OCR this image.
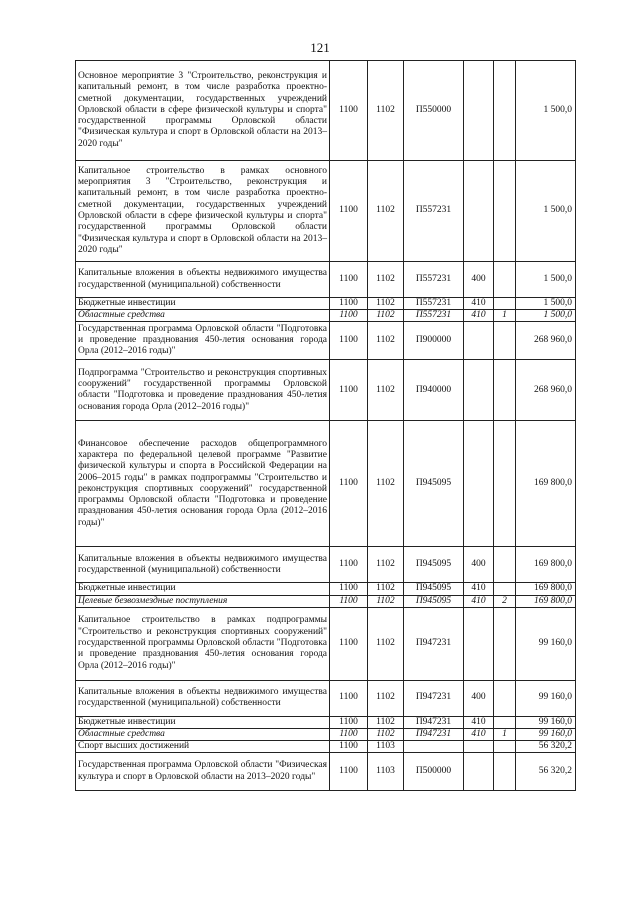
121
Основное мероприятие 3 "Строительство, реконструкция и капитальный ремонт, в том числе разработка проектно-сметной документации, государственных учреждений Орловской области в сфере физической культуры и спорта" государственной программы Орловской области "Физическая культура и спорт в Орловской области на 2013–2020 годы"	1100	1102	П550000			1 500,0
Капитальное строительство в рамках основного мероприятия 3 "Строительство, реконструкция и капитальный ремонт, в том числе разработка проектно-сметной документации, государственных учреждений Орловской области в сфере физической культуры и спорта" государственной программы Орловской области "Физическая культура и спорт в Орловской области на 2013–2020 годы"	1100	1102	П557231			1 500,0
Капитальные вложения в объекты недвижимого имущества государственной (муниципальной) собственности	1100	1102	П557231	400		1 500,0
Бюджетные инвестиции	1100	1102	П557231	410		1 500,0
Областные средства	1100	1102	П557231	410	1	1 500,0
Государственная программа Орловской области "Подготовка и проведение празднования 450-летия основания города Орла (2012–2016 годы)"	1100	1102	П900000			268 960,0
Подпрограмма "Строительство и реконструкция спортивных сооружений" государственной программы Орловской области "Подготовка и проведение празднования 450-летия основания города Орла (2012–2016 годы)"	1100	1102	П940000			268 960,0
Финансовое обеспечение расходов общепрограммного характера по федеральной целевой программе "Развитие физической культуры и спорта в Российской Федерации на 2006–2015 годы" в рамках подпрограммы "Строительство и реконструкция спортивных сооружений" государственной программы Орловской области "Подготовка и проведение празднования 450-летия основания города Орла (2012–2016 годы)"	1100	1102	П945095			169 800,0
Капитальные вложения в объекты недвижимого имущества государственной (муниципальной) собственности	1100	1102	П945095	400		169 800,0
Бюджетные инвестиции	1100	1102	П945095	410		169 800,0
Целевые безвозмездные поступления	1100	1102	П945095	410	2	169 800,0
Капитальное строительство в рамках подпрограммы "Строительство и реконструкция спортивных сооружений" государственной программы Орловской области "Подготовка и проведение празднования 450-летия основания города Орла (2012–2016 годы)"	1100	1102	П947231			99 160,0
Капитальные вложения в объекты недвижимого имущества государственной (муниципальной) собственности	1100	1102	П947231	400		99 160,0
Бюджетные инвестиции	1100	1102	П947231	410		99 160,0
Областные средства	1100	1102	П947231	410	1	99 160,0
Спорт высших достижений	1100	1103				56 320,2
Государственная программа Орловской области "Физическая культура и спорт в Орловской области на 2013–2020 годы"	1100	1103	П500000			56 320,2
